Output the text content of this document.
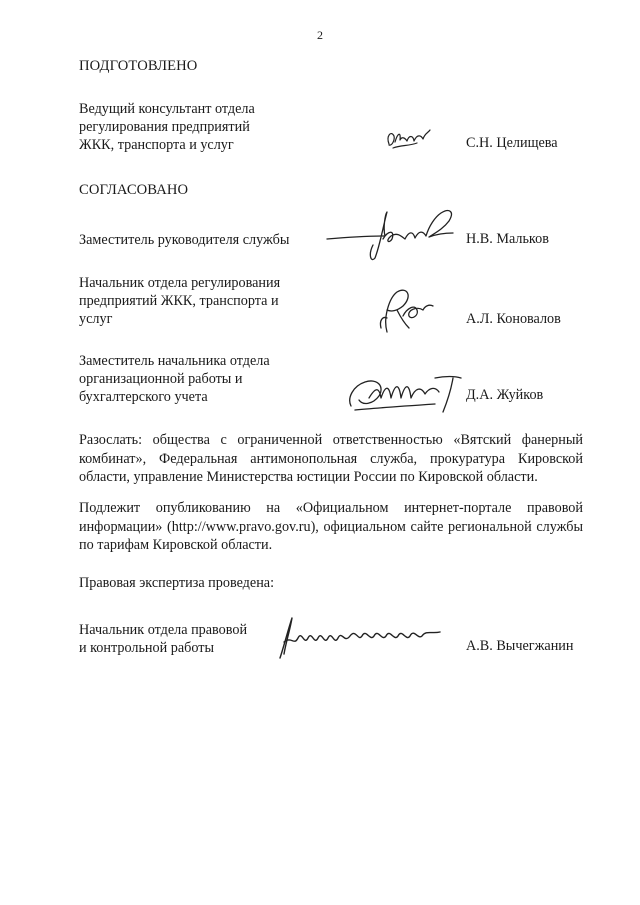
2
ПОДГОТОВЛЕНО
Ведущий консультант отдела
регулирования предприятий
ЖКК, транспорта и услуг	С.Н. Целищева
СОГЛАСОВАНО
Заместитель руководителя службы	Н.В. Мальков
Начальник отдела регулирования
предприятий ЖКК, транспорта и
услуг	А.Л. Коновалов
Заместитель начальника отдела
организационной работы и
бухгалтерского учета	Д.А. Жуйков
Разослать: общества с ограниченной ответственностью «Вятский фанерный комбинат», Федеральная антимонопольная служба, прокуратура Кировской области, управление Министерства юстиции России по Кировской области.
Подлежит опубликованию на «Официальном интернет-портале правовой информации» (http://www.pravo.gov.ru), официальном сайте региональной службы по тарифам Кировской области.
Правовая экспертиза проведена:
Начальник отдела правовой
и контрольной работы	А.В. Вычегжанин
